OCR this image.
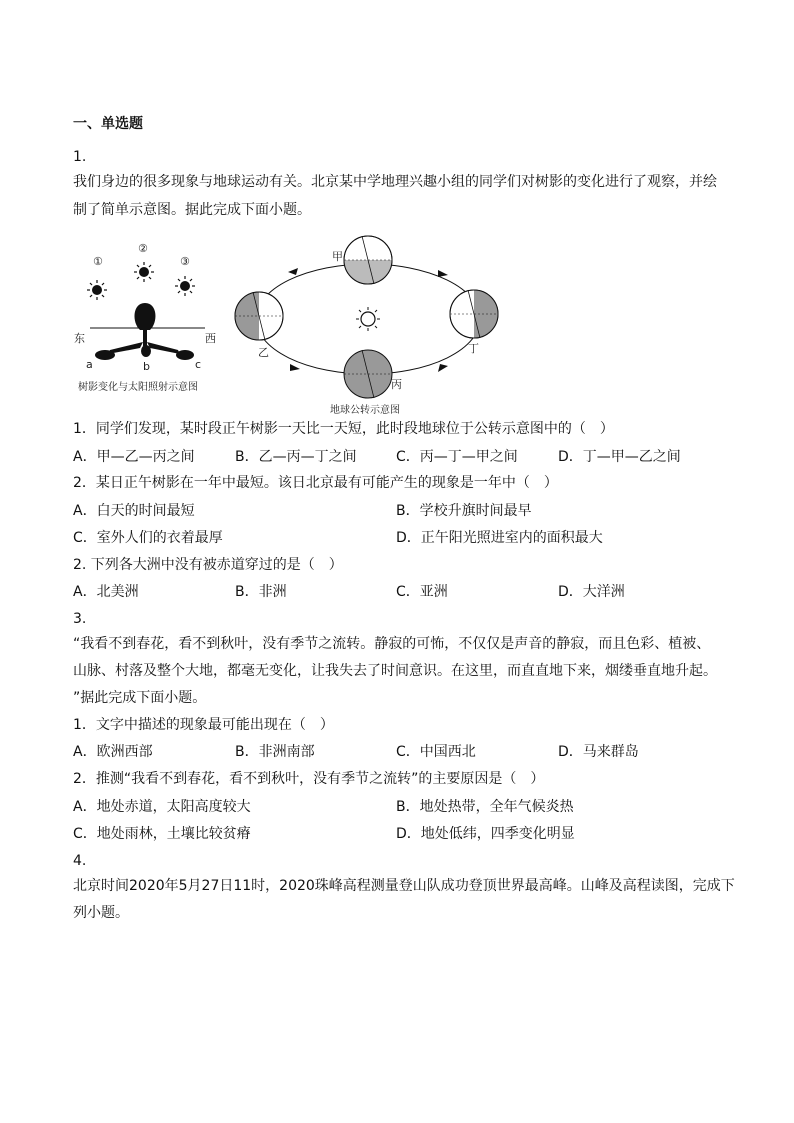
一、单选题
1.
我们身边的很多现象与地球运动有关。北京某中学地理兴趣小组的同学们对树影的变化进行了观察，并绘
制了简单示意图。据此完成下面小题。
①
②
③
东	西
a	b	c
树影变化与太阳照射示意图
甲
乙
丙
丁
地球公转示意图
1．同学们发现，某时段正午树影一天比一天短，此时段地球位于公转示意图中的（　）
A．甲—乙—丙之间	B．乙—丙—丁之间	C．丙—丁—甲之间	D．丁—甲—乙之间
2．某日正午树影在一年中最短。该日北京最有可能产生的现象是一年中（　）
A．白天的时间最短	B．学校升旗时间最早
C．室外人们的衣着最厚	D．正午阳光照进室内的面积最大
2. 下列各大洲中没有被赤道穿过的是（　）
A．北美洲	B．非洲	C．亚洲	D．大洋洲
3.
“我看不到春花，看不到秋叶，没有季节之流转。静寂的可怖，不仅仅是声音的静寂，而且色彩、植被、
山脉、村落及整个大地，都毫无变化，让我失去了时间意识。在这里，而直直地下来，烟缕垂直地升起。
”据此完成下面小题。
1．文字中描述的现象最可能出现在（　）
A．欧洲西部	B．非洲南部	C．中国西北	D．马来群岛
2．推测“我看不到春花，看不到秋叶，没有季节之流转”的主要原因是（　）
A．地处赤道，太阳高度较大	B．地处热带，全年气候炎热
C．地处雨林，土壤比较贫瘠	D．地处低纬，四季变化明显
4.
北京时间2020年5月27日11时，2020珠峰高程测量登山队成功登顶世界最高峰。山峰及高程读图，完成下
列小题。
